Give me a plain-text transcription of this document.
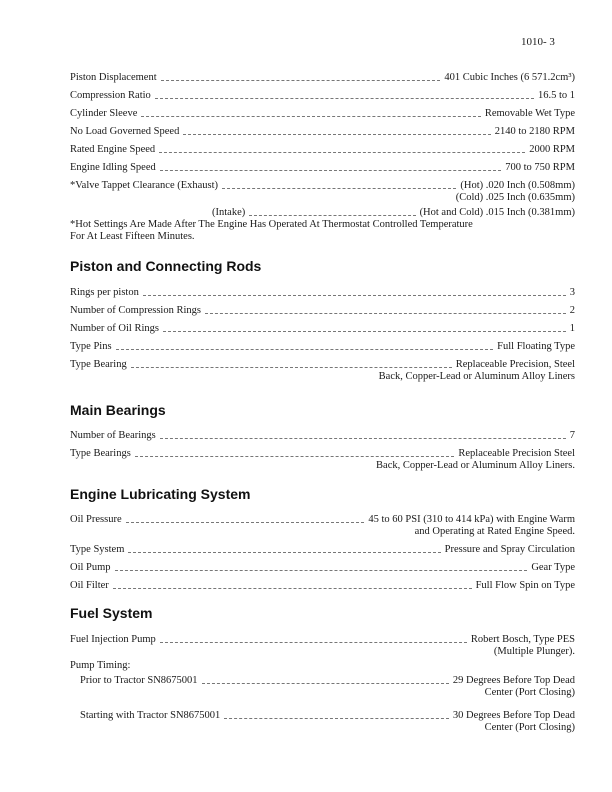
1010- 3
Piston Displacement	401 Cubic Inches (6 571.2cm³)
Compression Ratio	16.5 to 1
Cylinder Sleeve	Removable Wet Type
No Load Governed Speed	2140 to 2180 RPM
Rated Engine Speed	2000 RPM
Engine Idling Speed	700 to 750 RPM
*Valve Tappet Clearance (Exhaust)	(Hot) .020 Inch (0.508mm)
(Cold) .025 Inch (0.635mm)
(Intake)	(Hot and Cold) .015 Inch (0.381mm)
*Hot Settings Are Made After The Engine Has Operated At Thermostat Controlled Temperature
For At Least Fifteen Minutes.
Piston and Connecting Rods
Rings per piston	3
Number of Compression Rings	2
Number of Oil Rings	1
Type Pins	Full Floating Type
Type Bearing	Replaceable Precision, Steel
Back, Copper-Lead or Aluminum Alloy Liners
Main Bearings
Number of Bearings	7
Type Bearings	Replaceable Precision Steel
Back, Copper-Lead or Aluminum Alloy Liners.
Engine Lubricating System
Oil Pressure	45 to 60 PSI (310 to 414 kPa) with Engine Warm
and Operating at Rated Engine Speed.
Type System	Pressure and Spray Circulation
Oil Pump	Gear Type
Oil Filter	Full Flow Spin on Type
Fuel System
Fuel Injection Pump	Robert Bosch, Type PES
(Multiple Plunger).
Pump Timing:
Prior to Tractor SN8675001	29 Degrees Before Top Dead
Center (Port Closing)
Starting with Tractor SN8675001	30 Degrees Before Top Dead
Center (Port Closing)
